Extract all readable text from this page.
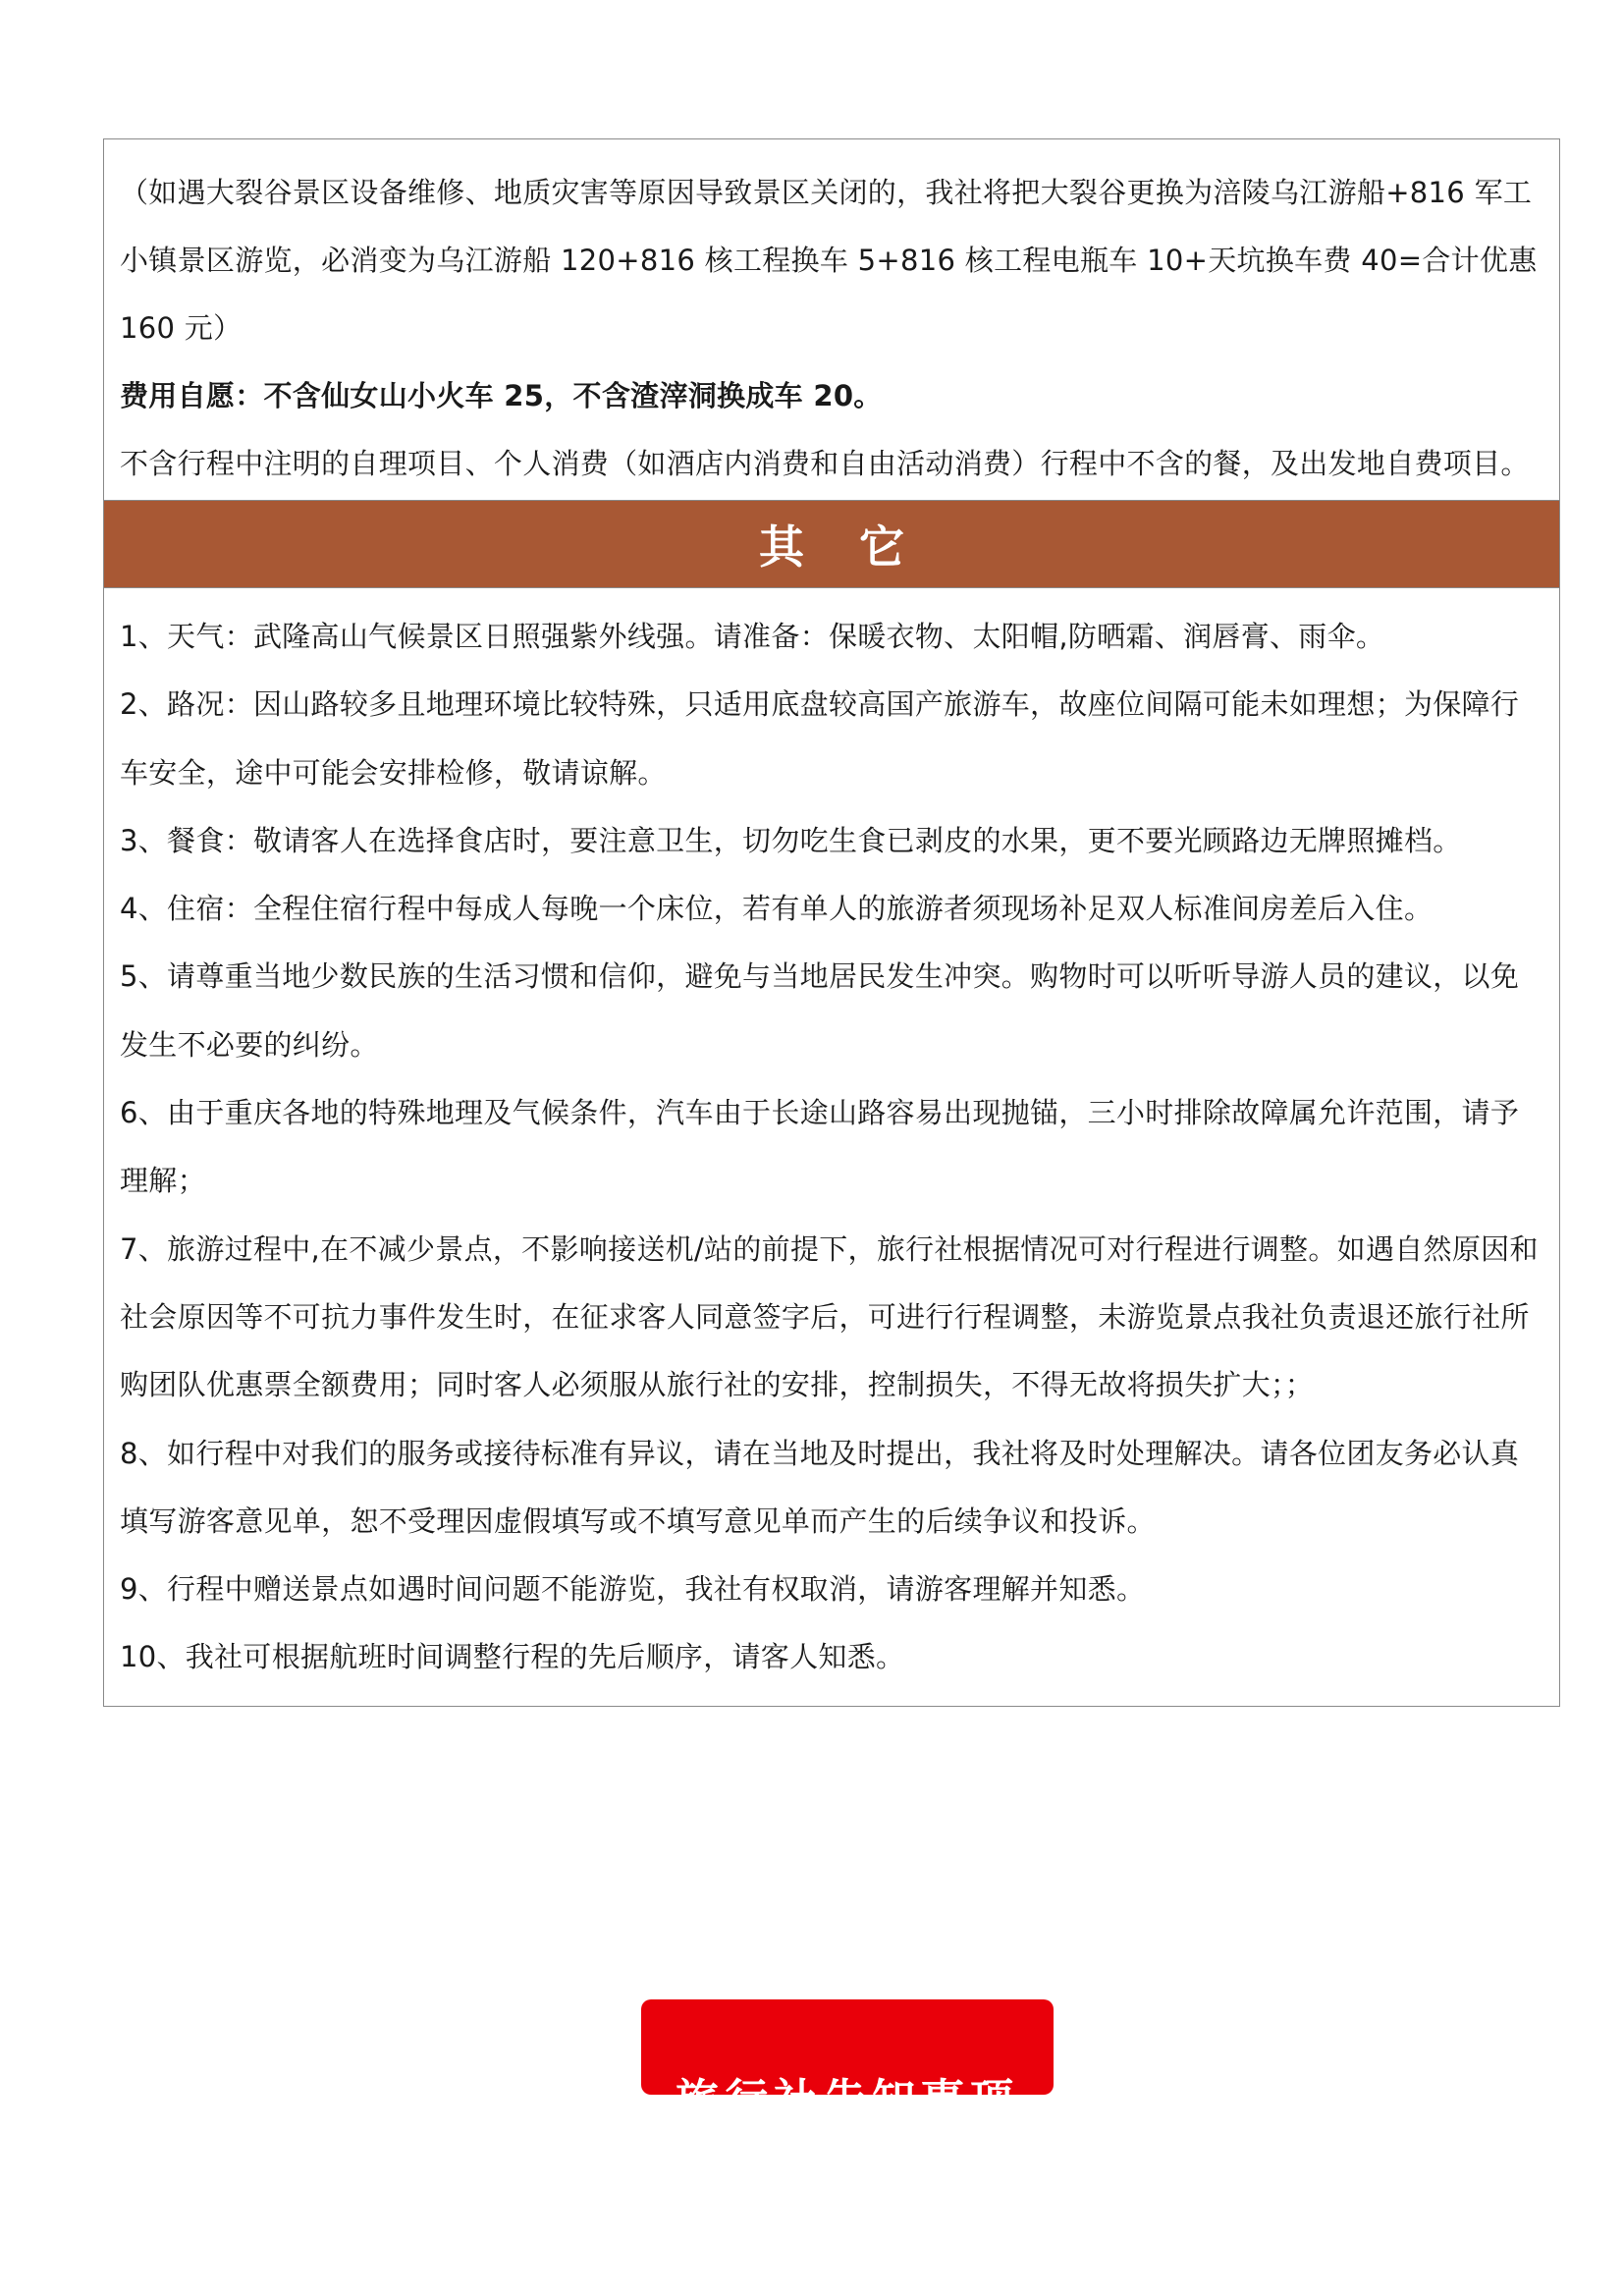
（如遇大裂谷景区设备维修、地质灾害等原因导致景区关闭的，我社将把大裂谷更换为涪陵乌江游船+816 军工小镇景区游览，必消变为乌江游船 120+816 核工程换车 5+816 核工程电瓶车 10+天坑换车费 40=合计优惠 160 元）

费用自愿：不含仙女山小火车 25，不含渣滓洞换成车 20。

不含行程中注明的自理项目、个人消费（如酒店内消费和自由活动消费）行程中不含的餐，及出发地自费项目。

其它

1、天气：武隆高山气候景区日照强紫外线强。请准备：保暖衣物、太阳帽,防晒霜、润唇膏、雨伞。

2、路况：因山路较多且地理环境比较特殊，只适用底盘较高国产旅游车，故座位间隔可能未如理想；为保障行车安全，途中可能会安排检修，敬请谅解。

3、餐食：敬请客人在选择食店时，要注意卫生，切勿吃生食已剥皮的水果，更不要光顾路边无牌照摊档。

4、住宿：全程住宿行程中每成人每晚一个床位，若有单人的旅游者须现场补足双人标准间房差后入住。

5、请尊重当地少数民族的生活习惯和信仰，避免与当地居民发生冲突。购物时可以听听导游人员的建议，以免发生不必要的纠纷。

6、由于重庆各地的特殊地理及气候条件，汽车由于长途山路容易出现抛锚，三小时排除故障属允许范围，请予理解；

7、旅游过程中,在不减少景点，不影响接送机/站的前提下，旅行社根据情况可对行程进行调整。如遇自然原因和社会原因等不可抗力事件发生时，在征求客人同意签字后，可进行行程调整，未游览景点我社负责退还旅行社所购团队优惠票全额费用；同时客人必须服从旅行社的安排，控制损失，不得无故将损失扩大；；

8、如行程中对我们的服务或接待标准有异议，请在当地及时提出，我社将及时处理解决。请各位团友务必认真填写游客意见单，恕不受理因虚假填写或不填写意见单而产生的后续争议和投诉。

9、行程中赠送景点如遇时间问题不能游览，我社有权取消，请游客理解并知悉。

10、我社可根据航班时间调整行程的先后顺序，请客人知悉。

旅行社告知事项
